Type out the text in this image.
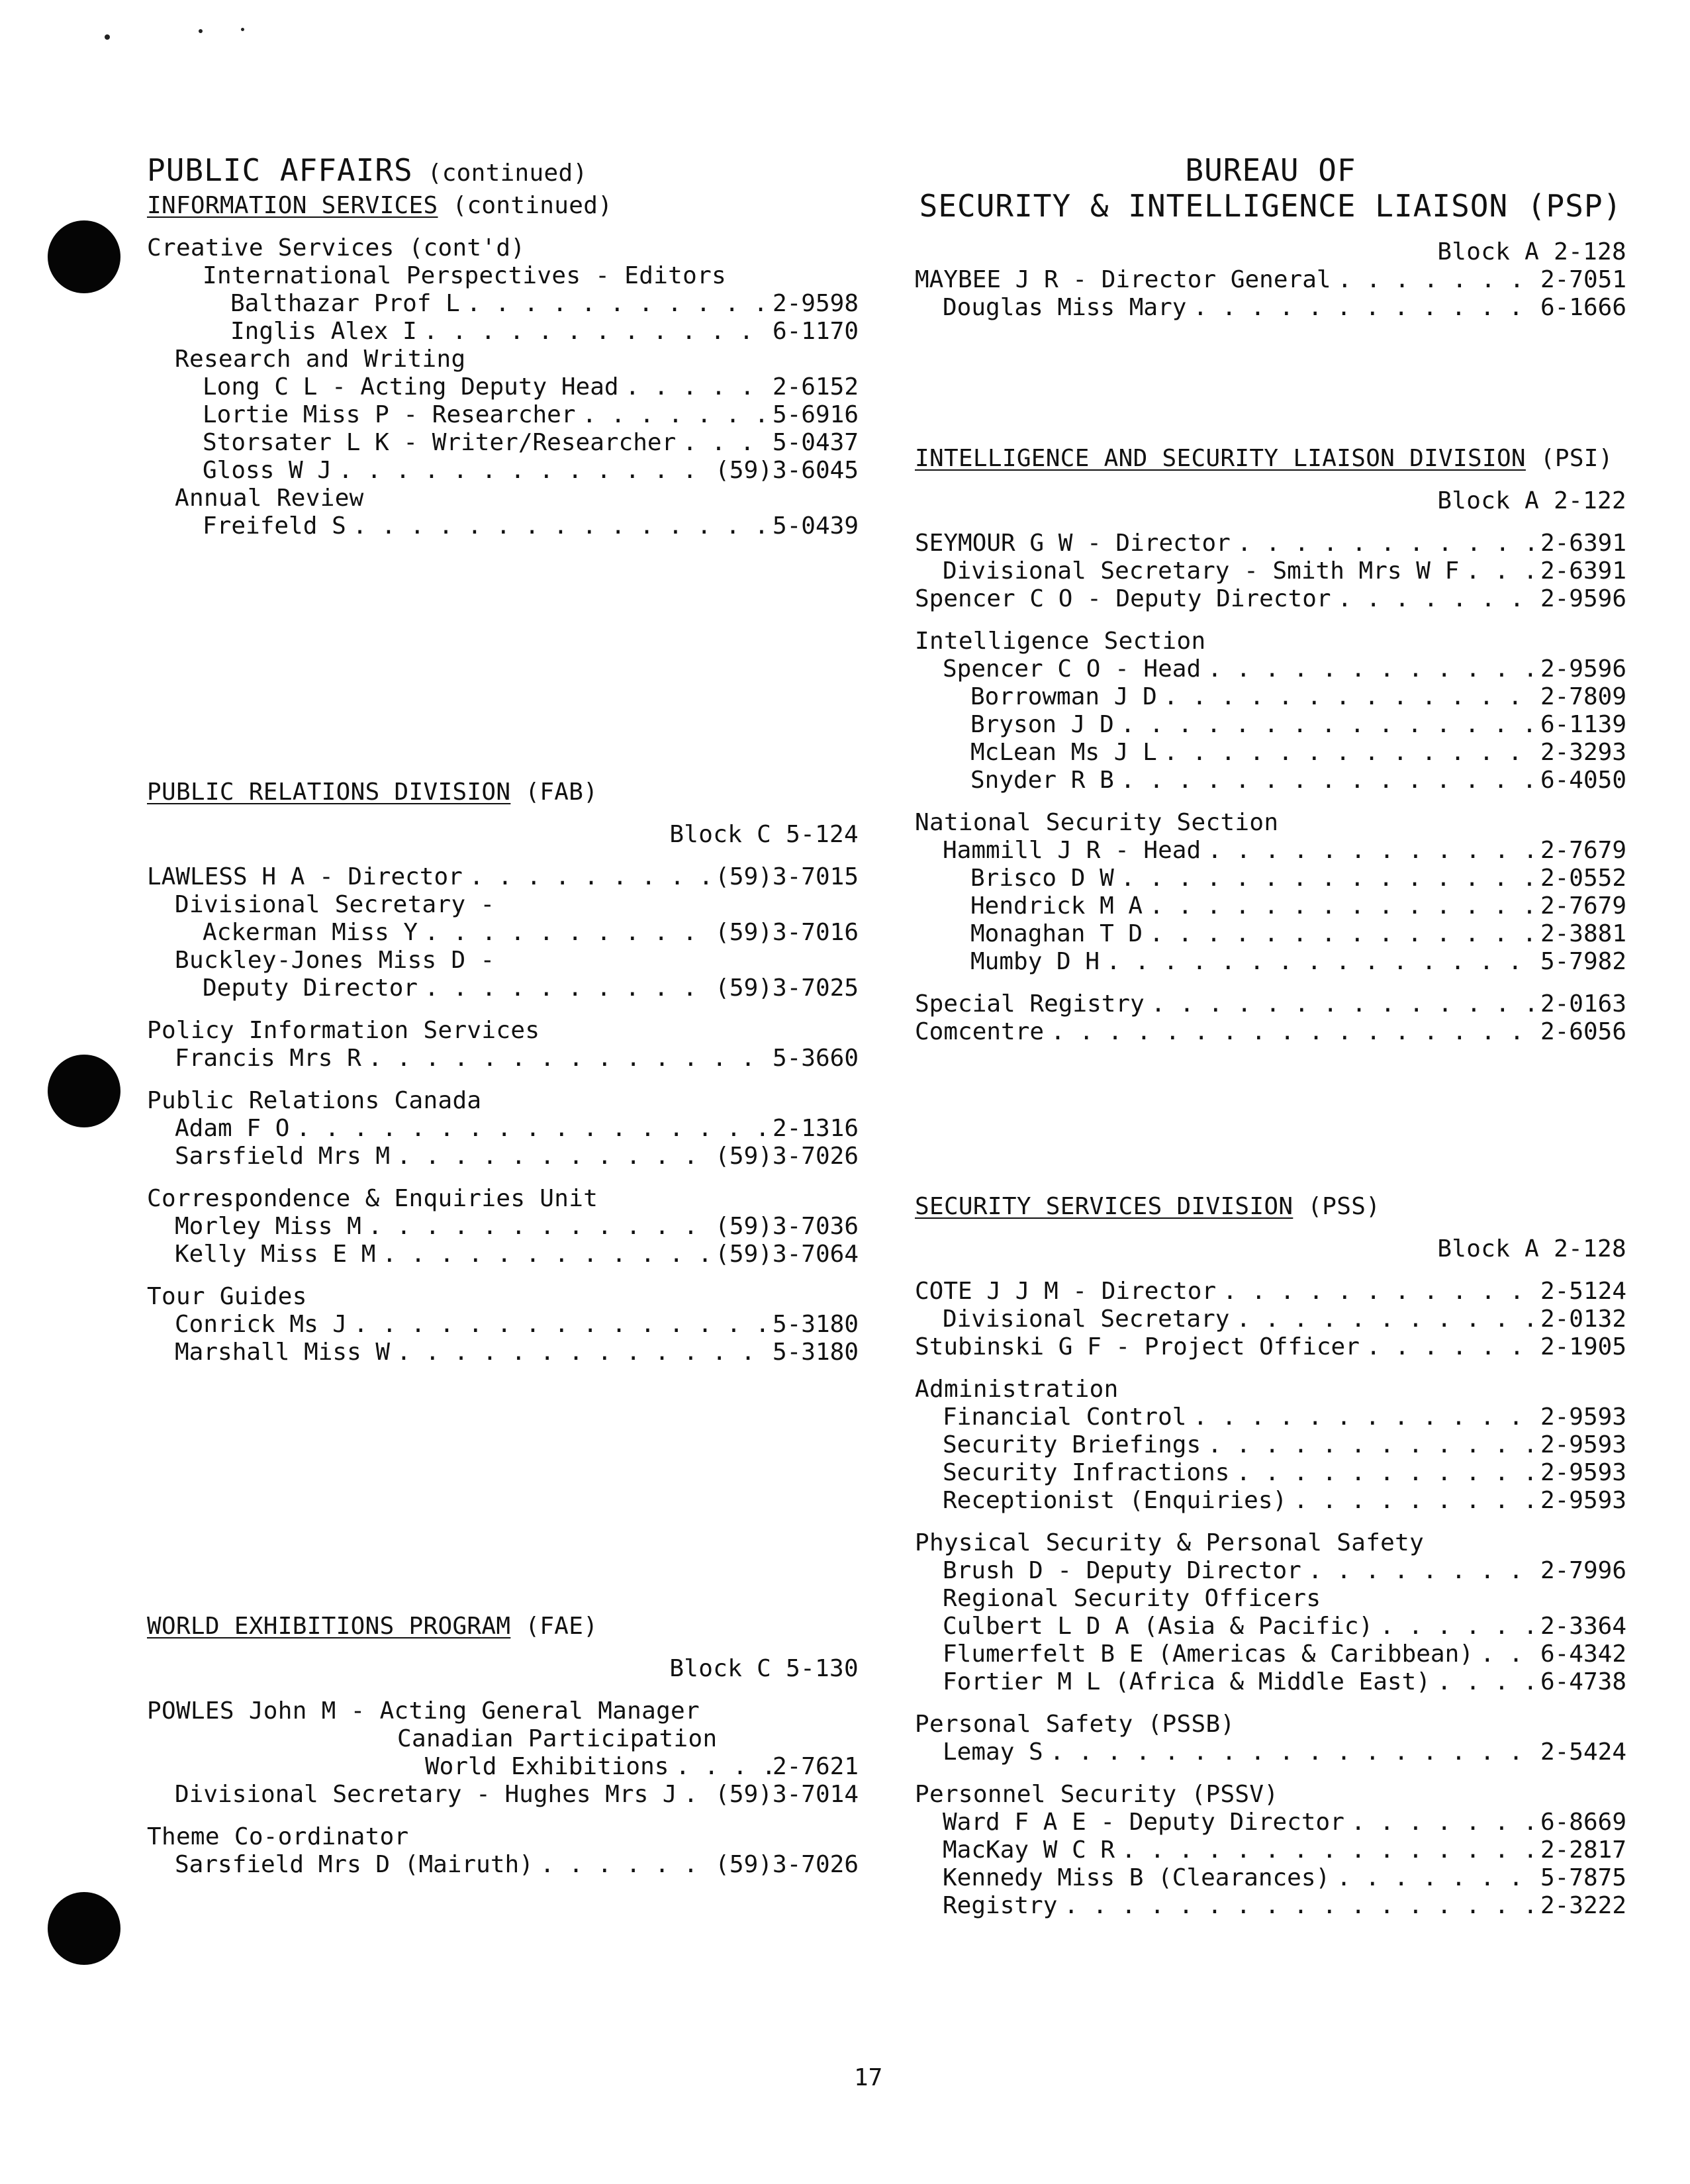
PUBLIC AFFAIRS (continued)
INFORMATION SERVICES (continued)
Creative Services (cont'd)
International Perspectives - Editors
Balthazar Prof L . . .	2-9598
Inglis Alex I . . .	6-1170
Research and Writing
Long C L - Acting Deputy Head . . .	2-6152
Lortie Miss P - Researcher . . .	5-6916
Storsater L K - Writer/Researcher . . .	5-0437
Gloss W J . . .	(59)3-6045
Annual Review
Freifeld S . . .	5-0439
PUBLIC RELATIONS DIVISION (FAB)
Block C 5-124
LAWLESS H A - Director . . .	(59)3-7015
Divisional Secretary -
Ackerman Miss Y . . .	(59)3-7016
Buckley-Jones Miss D -
Deputy Director . . .	(59)3-7025
Policy Information Services
Francis Mrs R . . .	5-3660
Public Relations Canada
Adam F O . . .	2-1316
Sarsfield Mrs M . . .	(59)3-7026
Correspondence & Enquiries Unit
Morley Miss M . . .	(59)3-7036
Kelly Miss E M . . .	(59)3-7064
Tour Guides
Conrick Ms J . . .	5-3180
Marshall Miss W . . .	5-3180
WORLD EXHIBITIONS PROGRAM (FAE)
Block C 5-130
POWLES John M - Acting General Manager
Canadian Participation
World Exhibitions . . .	2-7621
Divisional Secretary - Hughes Mrs J . . . (59)3-7014
Theme Co-ordinator
Sarsfield Mrs D (Mairuth) . . .	(59)3-7026
BUREAU OF
SECURITY & INTELLIGENCE LIAISON (PSP)
Block A 2-128
MAYBEE J R - Director General . . .	2-7051
Douglas Miss Mary . . .	6-1666
INTELLIGENCE AND SECURITY LIAISON DIVISION (PSI)
Block A 2-122
SEYMOUR G W - Director . . .	2-6391
Divisional Secretary - Smith Mrs W F . . .	2-6391
Spencer C O - Deputy Director . . .	2-9596
Intelligence Section
Spencer C O - Head . . .	2-9596
Borrowman J D . . .	2-7809
Bryson J D . . .	6-1139
McLean Ms J L . . .	2-3293
Snyder R B . . .	6-4050
National Security Section
Hammill J R - Head . . .	2-7679
Brisco D W . . .	2-0552
Hendrick M A . . .	2-7679
Monaghan T D . . .	2-3881
Mumby D H . . .	5-7982
Special Registry . . .	2-0163
Comcentre . . .	2-6056
SECURITY SERVICES DIVISION (PSS)
Block A 2-128
COTE J J M - Director . . .	2-5124
Divisional Secretary . . .	2-0132
Stubinski G F - Project Officer . . .	2-1905
Administration
Financial Control . . .	2-9593
Security Briefings . . .	2-9593
Security Infractions . . .	2-9593
Receptionist (Enquiries) . . .	2-9593
Physical Security & Personal Safety
Brush D - Deputy Director . . .	2-7996
Regional Security Officers
Culbert L D A (Asia & Pacific) . . .	2-3364
Flumerfelt B E (Americas & Caribbean) . . .	6-4342
Fortier M L (Africa & Middle East) . . .	6-4738
Personal Safety (PSSB)
Lemay S . . .	2-5424
Personnel Security (PSSV)
Ward F A E - Deputy Director . . .	6-8669
MacKay W C R . . .	2-2817
Kennedy Miss B (Clearances) . . .	5-7875
Registry . . .	2-3222
17
